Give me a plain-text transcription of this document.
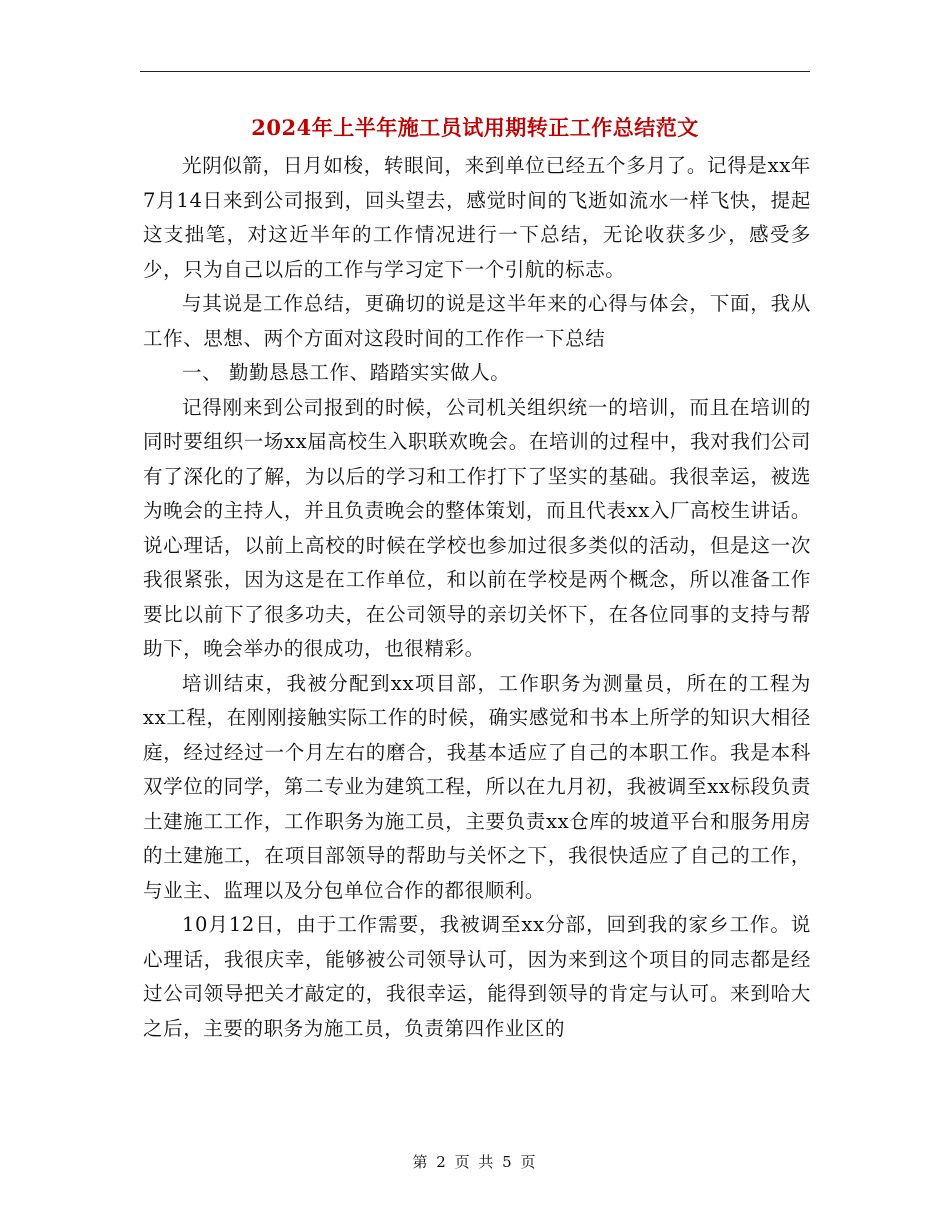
2024年上半年施工员试用期转正工作总结范文

光阴似箭，日月如梭，转眼间，来到单位已经五个多月了。记得是xx年7月14日来到公司报到，回头望去，感觉时间的飞逝如流水一样飞快，提起这支拙笔，对这近半年的工作情况进行一下总结，无论收获多少，感受多少，只为自己以后的工作与学习定下一个引航的标志。

与其说是工作总结，更确切的说是这半年来的心得与体会，下面，我从工作、思想、两个方面对这段时间的工作作一下总结

一、 勤勤恳恳工作、踏踏实实做人。

记得刚来到公司报到的时候，公司机关组织统一的培训，而且在培训的同时要组织一场xx届高校生入职联欢晚会。在培训的过程中，我对我们公司有了深化的了解，为以后的学习和工作打下了坚实的基础。我很幸运，被选为晚会的主持人，并且负责晚会的整体策划，而且代表xx入厂高校生讲话。说心理话，以前上高校的时候在学校也参加过很多类似的活动，但是这一次我很紧张，因为这是在工作单位，和以前在学校是两个概念，所以准备工作要比以前下了很多功夫，在公司领导的亲切关怀下，在各位同事的支持与帮助下，晚会举办的很成功，也很精彩。

培训结束，我被分配到xx项目部，工作职务为测量员，所在的工程为xx工程，在刚刚接触实际工作的时候，确实感觉和书本上所学的知识大相径庭，经过经过一个月左右的磨合，我基本适应了自己的本职工作。我是本科双学位的同学，第二专业为建筑工程，所以在九月初，我被调至xx标段负责土建施工工作，工作职务为施工员，主要负责xx仓库的坡道平台和服务用房的土建施工，在项目部领导的帮助与关怀之下，我很快适应了自己的工作，与业主、监理以及分包单位合作的都很顺利。

10月12日，由于工作需要，我被调至xx分部，回到我的家乡工作。说心理话，我很庆幸，能够被公司领导认可，因为来到这个项目的同志都是经过公司领导把关才敲定的，我很幸运，能得到领导的肯定与认可。来到哈大之后，主要的职务为施工员，负责第四作业区的

第 2 页 共 5 页
